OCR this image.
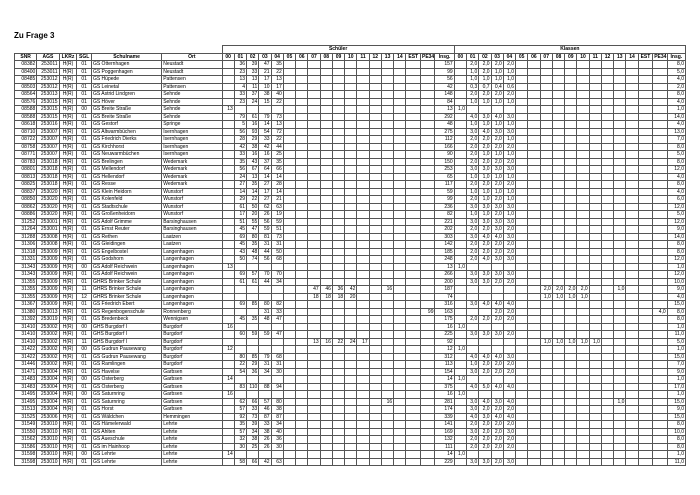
Zu Frage 3
						Schüler																		Klassen																	
SNR	AGS	LKRz	SGL	Schulname	Ort	00	01	02	03	04	05	06	07	08	09	10	11	12	13	14	EST	PE34	Insg.	00	01	02	03	04	05	06	07	08	09	10	11	12	13	14	EST	PE34	Insg.
08382	253011	H(R)	01	GS Otternhagen	Neustadt		36	39	47	35													157		2,0	2,0	2,0	2,0													8,0
08400	253011	H(R)	01	GS Poggenhagen	Neustadt		23	33	21	22													99		1,0	2,0	1,0	1,0													5,0
08485	253012	H(R)	01	GS Hüpede	Pattensen		13	13	17	13													56		1,0	1,0	1,0	1,0													4,0
08503	253012	H(R)	01	GS Leinetal	Pattensen		4	11	10	17													42		0,3	0,7	0,4	0,6													2,0
08564	253013	H(R)	01	GS Astrid Lindgren	Sehnde		33	37	38	40													148		2,0	2,0	2,0	2,0													8,0
08576	253015	H(R)	01	GS Höver	Sehnde		23	24	15	22													84		1,0	1,0	1,0	1,0													4,0
08588	253015	H(R)	00	GS Breite Straße	Sehnde	13																	13	1,0																	1,0
08588	253015	H(R)	01	GS Breite Straße	Sehnde		79	61	79	73													292		4,0	3,0	4,0	3,0													14,0
08618	253016	H(R)	01	GS Gestorf	Springe		5	16	14	13													48		1,0	1,0	1,0	1,0													4,0
08710	253007	H(R)	01	GS Altwarmbüchen	Isernhagen		56	93	54	72													275		3,0	4,0	3,0	3,0													13,0
08722	253007	H(R)	01	GS Friedrich Dierks	Isernhagen		28	29	33	22													112		2,0	2,0	2,0	1,0													7,0
08758	253007	H(R)	01	GS Kirchhorst	Isernhagen		42	38	42	44													166		2,0	2,0	2,0	2,0													8,0
08771	253007	H(R)	01	GS Neuwarmbüchen	Isernhagen		33	16	16	25													90		2,0	1,0	1,0	1,0													5,0
08783	253018	H(R)	01	GS Brelingen	Wedemark		35	43	37	35													150		2,0	2,0	2,0	2,0													8,0
08801	253018	H(R)	01	GS Mellendorf	Wedemark		56	67	64	66													253		3,0	3,0	3,0	3,0													12,0
08813	253018	H(R)	01	GS Hellendorf	Wedemark		24	13	14	14													65		1,0	1,0	1,0	1,0													4,0
08825	253018	H(R)	01	GS Resse	Wedemark		27	35	27	28													117		2,0	2,0	2,0	2,0													8,0
08837	253020	H(R)	01	GS Klein Heidorn	Wunstorf		14	14	17	14													59		1,0	1,0	1,0	1,0													4,0
08850	253020	H(R)	01	GS Kolenfeld	Wunstorf		29	22	27	21													99		2,0	1,0	2,0	1,0													6,0
08862	253020	H(R)	01	GS Stadtschule	Wunstorf		61	50	62	63													236		3,0	3,0	3,0	3,0													12,0
08886	253020	H(R)	01	GS Großenheidorn	Wunstorf		17	20	26	19													82		1,0	1,0	2,0	1,0													5,0
31252	253001	H(R)	01	GS Adolf Grimme	Barsinghausen		51	55	56	59													221		3,0	3,0	3,0	3,0													12,0
31264	253001	H(R)	01	GS Ernst Reuter	Barsinghausen		45	47	59	51													202		2,0	2,0	3,0	2,0													9,0
31288	253008	H(R)	01	GS Rethen	Laatzen		69	80	81	73													303		3,0	4,0	4,0	3,0													14,0
31306	253008	H(R)	01	GS Gleidingen	Laatzen		45	35	31	31													142		2,0	2,0	2,0	2,0													8,0
31318	253009	H(R)	01	GS Engelbostel	Langenhagen		43	48	44	50													185		2,0	2,0	2,0	2,0													8,0
31331	253009	H(R)	01	GS Godshorn	Langenhagen		50	74	56	68													248		2,0	4,0	3,0	3,0													12,0
31343	253009	H(R)	00	GS Adolf Reichwein	Langenhagen	13																	13	1,0																	1,0
31343	253009	H(R)	01	GS Adolf Reichwein	Langenhagen		69	57	70	70													266		3,0	3,0	3,0	3,0													12,0
31355	253009	H(R)	01	GHRS Brinker Schule	Langenhagen		61	61	44	34													200		3,0	3,0	2,0	2,0													10,0
31355	253009	H(R)	11	GHRS Brinker Schule	Langenhagen								47	46	36	42			16				187								2,0	2,0	2,0	2,0			1,0				9,0
31355	253009	H(R)	12	GHRS Brinker Schule	Langenhagen								18	18	18	20							74								1,0	1,0	1,0	1,0							4,0
31367	253009	H(R)	01	GS Friedrich Ebert	Langenhagen		69	85	80	82													316		3,0	4,0	4,0	4,0													15,0
31380	253013	H(R)	01	GS Regenbogenschule	Ronnenberg				31	33												99	163				2,0	2,0												4,0	8,0
31392	253019	H(R)	01	GS Bredenbeck	Wennigsen		45	35	48	47													175		2,0	2,0	2,0	2,0													8,0
31410	253002	H(R)	00	GHS Burgdorf I	Burgdorf	16																	16	1,0																	1,0
31410	253002	H(R)	01	GHS Burgdorf I	Burgdorf		60	59	59	47													225		3,0	3,0	3,0	2,0													11,0
31410	253002	H(R)	11	GHS Burgdorf I	Burgdorf								13	16	22	24	17						92								1,0	1,0	1,0	1,0	1,0						5,0
31422	253002	H(R)	00	GS Gudrun Pausewang	Burgdorf	12																	12	1,0																	1,0
31422	253002	H(R)	01	GS Gudrun Pausewang	Burgdorf		80	85	79	68													312		4,0	4,0	4,0	3,0													15,0
31446	253002	H(R)	01	GS Ramlingen	Burgdorf		22	29	31	31													113		1,0	2,0	2,0	2,0													7,0
31471	253004	H(R)	01	GS Havelse	Garbsen		54	36	34	30													154		3,0	2,0	2,0	2,0													9,0
31483	253004	H(R)	00	GS Osterberg	Garbsen	14																	14	1,0																	1,0
31483	253004	H(R)	01	GS Osterberg	Garbsen		83	110	88	94													375		4,0	5,0	4,0	4,0													17,0
31495	253004	H(R)	00	GS Saturnring	Garbsen	16																	16	1,0																	1,0
31495	253004	H(R)	01	GS Saturnring	Garbsen		62	66	57	80									16				281		3,0	4,0	3,0	4,0									1,0				15,0
31513	253004	H(R)	01	GS Horst	Garbsen		57	33	46	38													174		3,0	2,0	2,0	2,0													9,0
31525	253006	H(R)	01	GS Wäldchen	Hemmingen		92	73	87	87													339		4,0	3,0	4,0	4,0													15,0
31549	253010	H(R)	01	GS Hämelerwald	Lehrte		35	39	33	34													141		2,0	2,0	2,0	2,0													8,0
31550	253010	H(R)	01	GS Ahlten	Lehrte		57	34	38	40													169		3,0	2,0	2,0	3,0													10,0
31562	253010	H(R)	01	GS Aueschule	Lehrte		32	38	26	36													132		2,0	2,0	2,0	2,0													8,0
31586	253010	H(R)	01	GS im Hainhoop	Lehrte		30	25	26	30													111		2,0	2,0	2,0	2,0													8,0
31598	253010	H(R)	00	GS Lehrte	Lehrte	14																	14	1,0																	1,0
31598	253010	H(R)	01	GS Lehrte	Lehrte		58	66	42	63													229		3,0	3,0	2,0	3,0													11,0
